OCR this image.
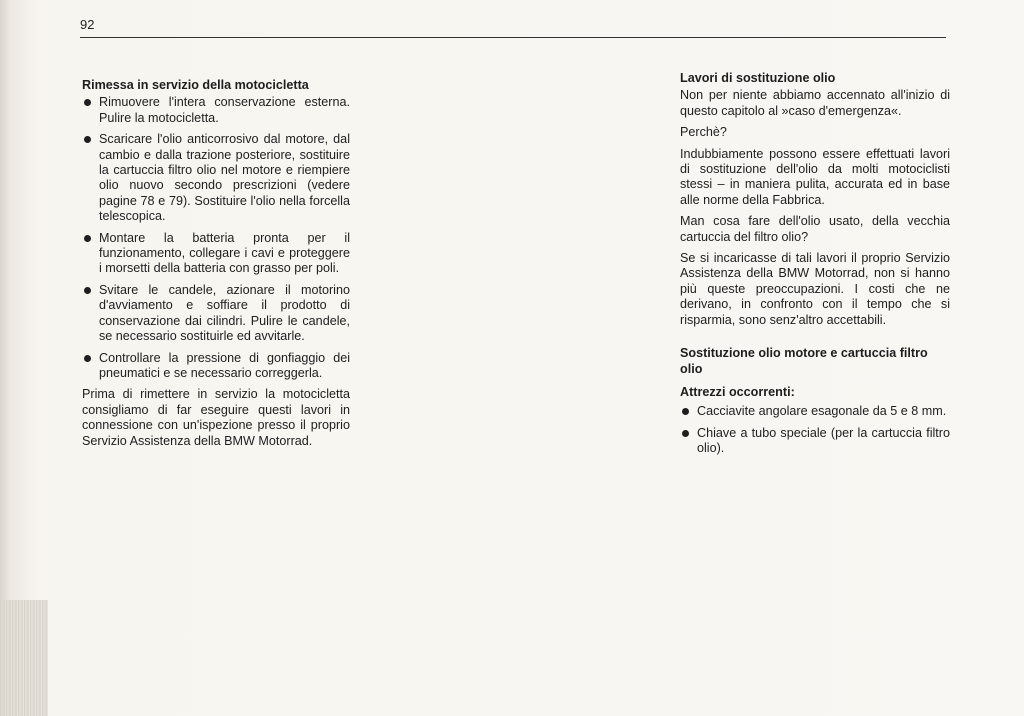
92
Rimessa in servizio della motocicletta
Rimuovere l'intera conservazione esterna. Pulire la motocicletta.
Scaricare l'olio anticorrosivo dal motore, dal cambio e dalla trazione posteriore, sostituire la cartuccia filtro olio nel motore e riempiere olio nuovo secondo prescrizioni (vedere pagine 78 e 79). Sostituire l'olio nella forcella telescopica.
Montare la batteria pronta per il funzionamento, collegare i cavi e proteggere i morsetti della batteria con grasso per poli.
Svitare le candele, azionare il motorino d'avviamento e soffiare il prodotto di conservazione dai cilindri. Pulire le candele, se necessario sostituirle ed avvitarle.
Controllare la pressione di gonfiaggio dei pneumatici e se necessario correggerla.
Prima di rimettere in servizio la motocicletta consigliamo di far eseguire questi lavori in connessione con un'ispezione presso il proprio Servizio Assistenza della BMW Motorrad.
Lavori di sostituzione olio
Non per niente abbiamo accennato all'inizio di questo capitolo al »caso d'emergenza«.
Perchè?
Indubbiamente possono essere effettuati lavori di sostituzione dell'olio da molti motociclisti stessi – in maniera pulita, accurata ed in base alle norme della Fabbrica.
Man cosa fare dell'olio usato, della vecchia cartuccia del filtro olio?
Se si incaricasse di tali lavori il proprio Servizio Assistenza della BMW Motorrad, non si hanno più queste preoccupazioni. I costi che ne derivano, in confronto con il tempo che si risparmia, sono senz'altro accettabili.
Sostituzione olio motore e cartuccia filtro olio
Attrezzi occorrenti:
Cacciavite angolare esagonale da 5 e 8 mm.
Chiave a tubo speciale (per la cartuccia filtro olio).
